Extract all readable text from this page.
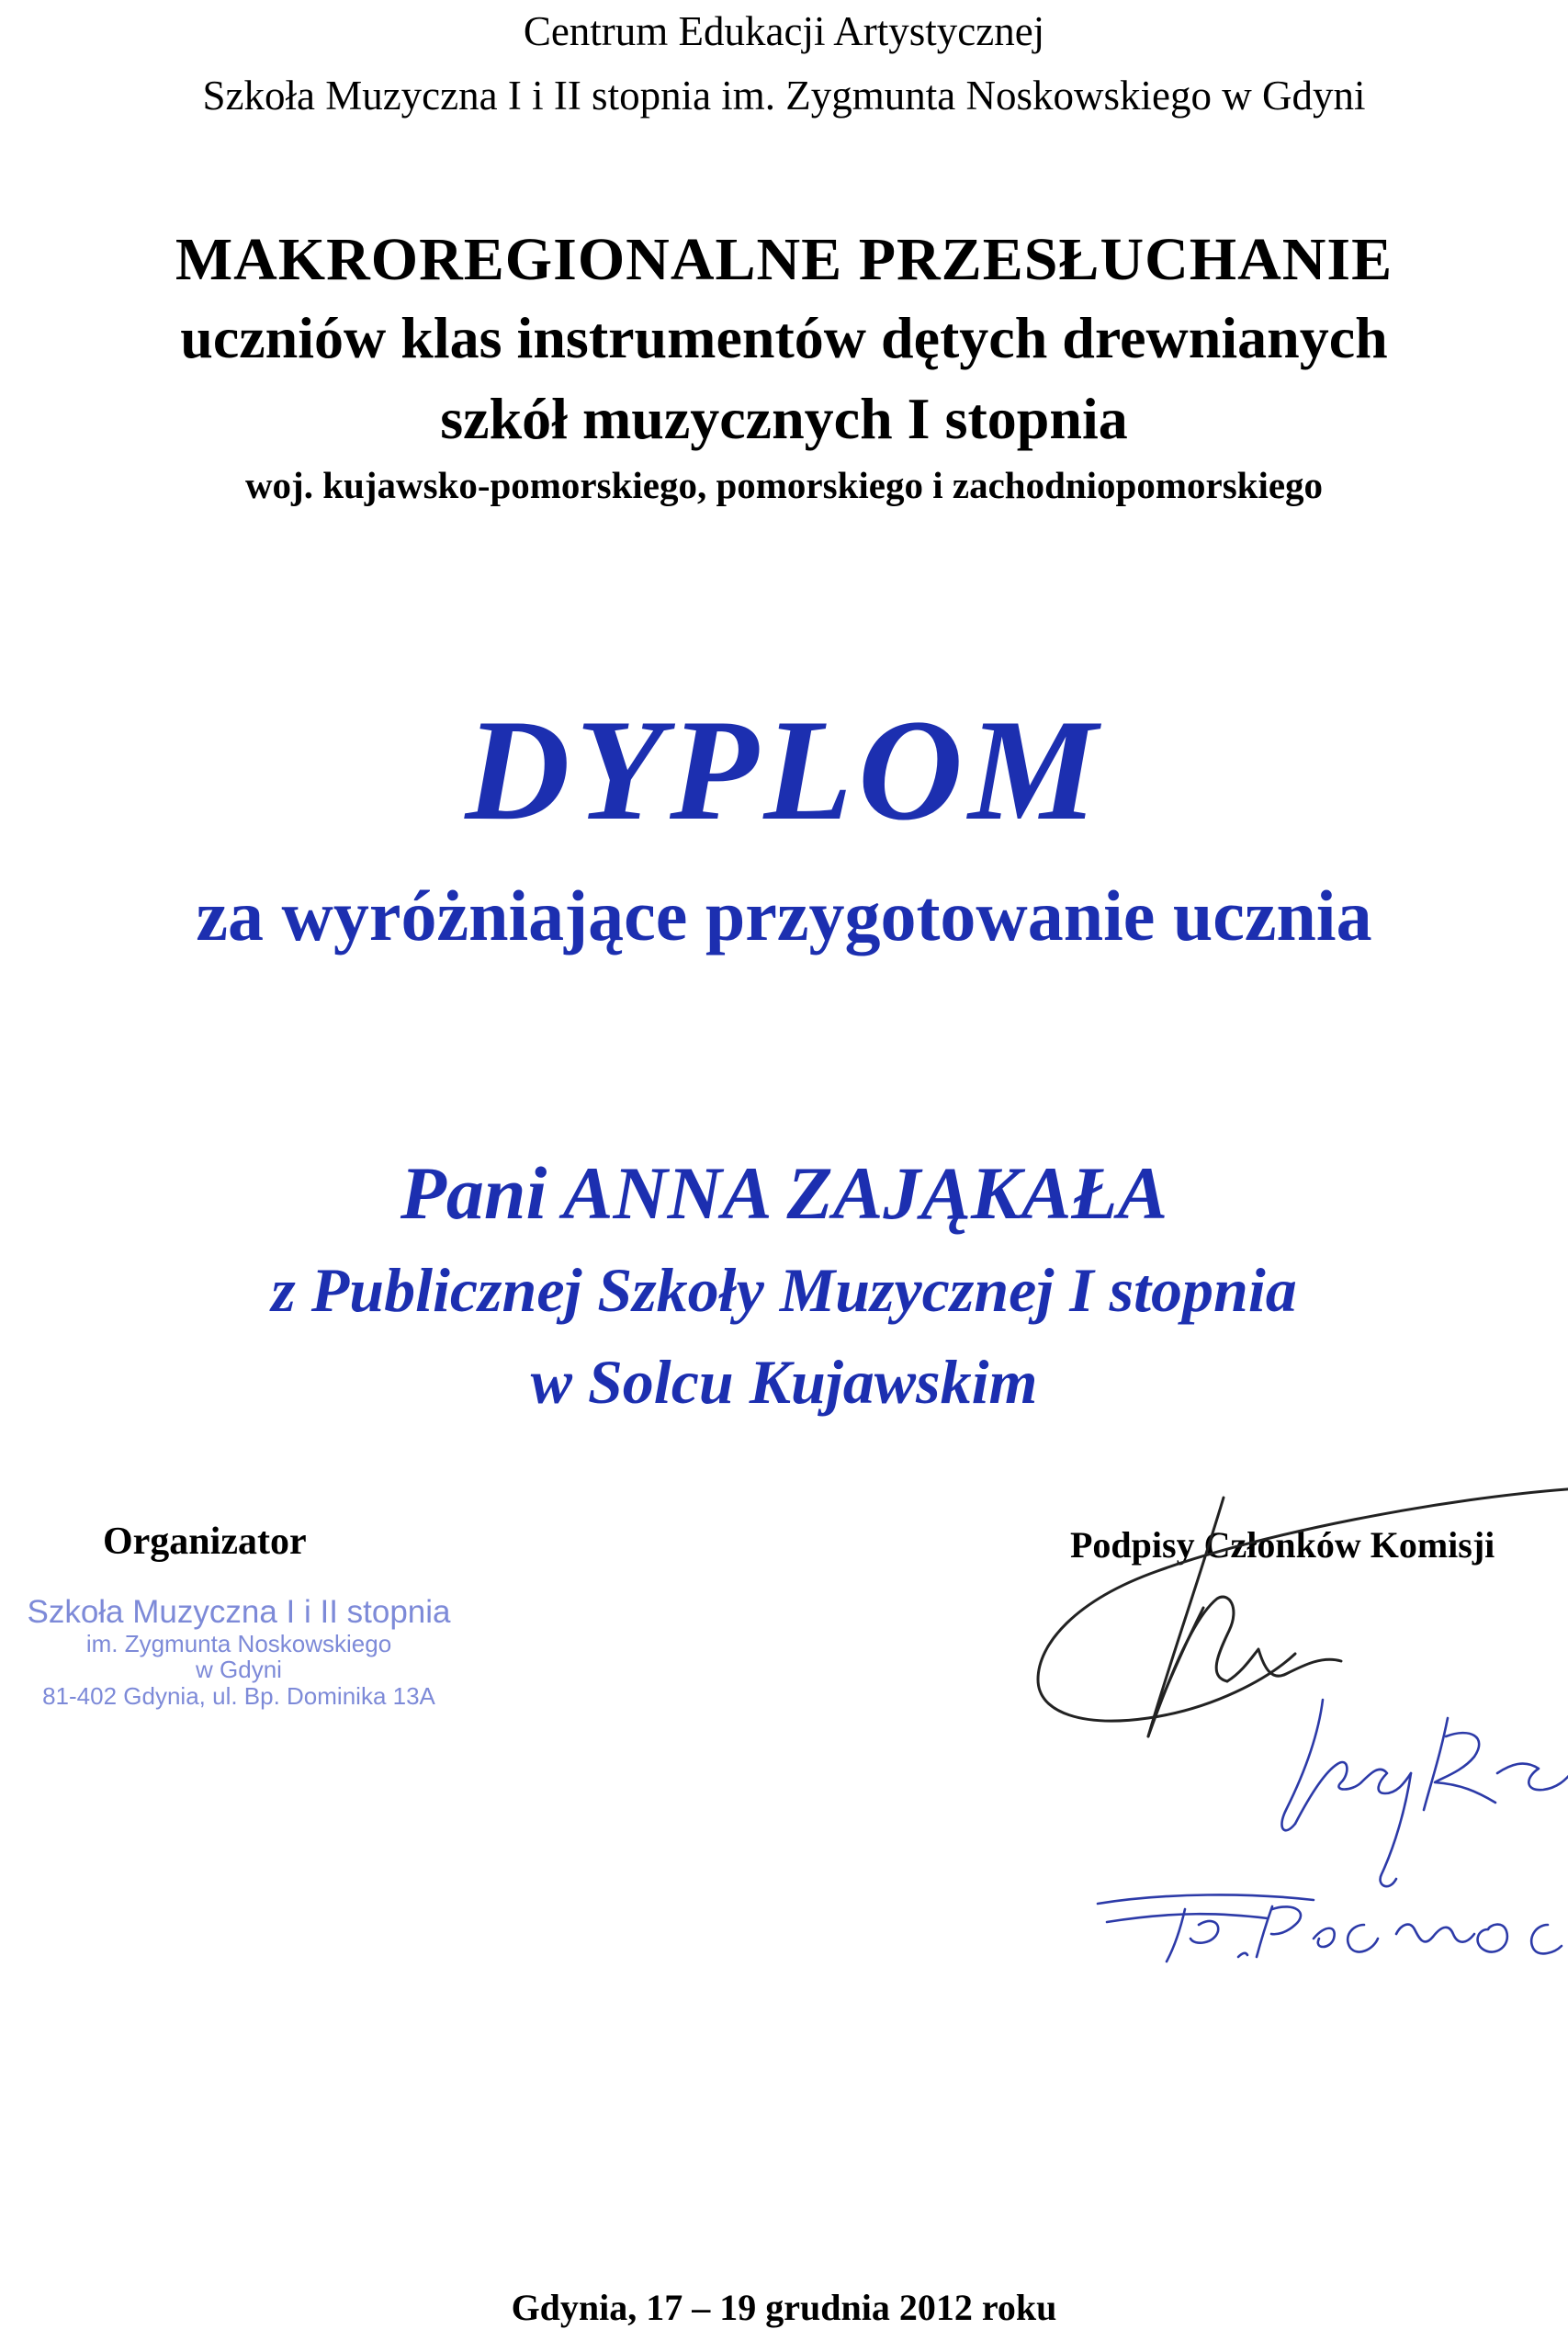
Centrum Edukacji Artystycznej
Szkoła Muzyczna I i II stopnia im. Zygmunta Noskowskiego w Gdyni
MAKROREGIONALNE PRZESŁUCHANIE
uczniów klas instrumentów dętych drewnianych
szkół muzycznych I stopnia
woj. kujawsko-pomorskiego, pomorskiego i zachodniopomorskiego
DYPLOM
za wyróżniające przygotowanie ucznia
Pani ANNA ZAJĄKAŁA
z Publicznej Szkoły Muzycznej I stopnia
w Solcu Kujawskim
Organizator
Szkoła Muzyczna I i II stopnia
im. Zygmunta Noskowskiego
w Gdyni
81-402 Gdynia, ul. Bp. Dominika 13A
Podpisy Członków Komisji
Gdynia, 17 – 19 grudnia 2012 roku
